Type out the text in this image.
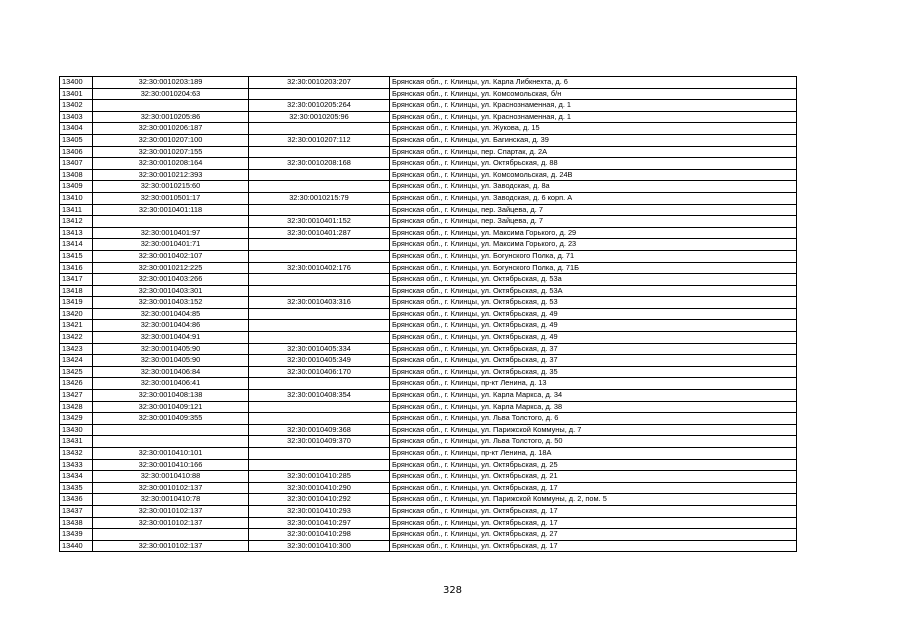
13400	32:30:0010203:189	32:30:0010203:207	Брянская обл., г. Клинцы, ул. Карла Либкнехта, д. 6
13401	32:30:0010204:63		Брянская обл., г. Клинцы, ул. Комсомольская, б/н
13402		32:30:0010205:264	Брянская обл., г. Клинцы, ул. Краснознаменная, д. 1
13403	32:30:0010205:86	32:30:0010205:96	Брянская обл., г. Клинцы, ул. Краснознаменная, д. 1
13404	32:30:0010206:187		Брянская обл., г. Клинцы, ул. Жукова, д. 15
13405	32:30:0010207:100	32:30:0010207:112	Брянская обл., г. Клинцы, ул. Багинская, д. 39
13406	32:30:0010207:155		Брянская обл., г. Клинцы, пер. Спартак, д. 2А
13407	32:30:0010208:164	32:30:0010208:168	Брянская обл., г. Клинцы, ул. Октябрьская, д. 88
13408	32:30:0010212:393		Брянская обл., г. Клинцы, ул. Комсомольская, д. 24В
13409	32:30:0010215:60		Брянская обл., г. Клинцы, ул. Заводская, д. 8а
13410	32:30:0010501:17	32:30:0010215:79	Брянская обл., г. Клинцы, ул. Заводская, д. 6 корп. А
13411	32:30:0010401:118		Брянская обл., г. Клинцы, пер. Зайцева, д. 7
13412		32:30:0010401:152	Брянская обл., г. Клинцы, пер. Зайцева, д. 7
13413	32:30:0010401:97	32:30:0010401:287	Брянская обл., г. Клинцы, ул. Максима Горького, д. 29
13414	32:30:0010401:71		Брянская обл., г. Клинцы, ул. Максима Горького, д. 23
13415	32:30:0010402:107		Брянская обл., г. Клинцы, ул. Богунского Полка, д. 71
13416	32:30:0010212:225	32:30:0010402:176	Брянская обл., г. Клинцы, ул. Богунского Полка, д. 71Б
13417	32:30:0010403:266		Брянская обл., г. Клинцы, ул. Октябрьская, д. 53а
13418	32:30:0010403:301		Брянская обл., г. Клинцы, ул. Октябрьская, д. 53А
13419	32:30:0010403:152	32:30:0010403:316	Брянская обл., г. Клинцы, ул. Октябрьская, д. 53
13420	32:30:0010404:85		Брянская обл., г. Клинцы, ул. Октябрьская, д. 49
13421	32:30:0010404:86		Брянская обл., г. Клинцы, ул. Октябрьская, д. 49
13422	32:30:0010404:91		Брянская обл., г. Клинцы, ул. Октябрьская, д. 49
13423	32:30:0010405:90	32:30:0010405:334	Брянская обл., г. Клинцы, ул. Октябрьская, д. 37
13424	32:30:0010405:90	32:30:0010405:349	Брянская обл., г. Клинцы, ул. Октябрьская, д. 37
13425	32:30:0010406:84	32:30:0010406:170	Брянская обл., г. Клинцы, ул. Октябрьская, д. 35
13426	32:30:0010406:41		Брянская обл., г. Клинцы, пр-кт Ленина, д. 13
13427	32:30:0010408:138	32:30:0010408:354	Брянская обл., г. Клинцы, ул. Карла Маркса, д. 34
13428	32:30:0010409:121		Брянская обл., г. Клинцы, ул. Карла Маркса, д. 38
13429	32:30:0010409:355		Брянская обл., г. Клинцы, ул. Льва Толстого, д. 6
13430		32:30:0010409:368	Брянская обл., г. Клинцы, ул. Парижской Коммуны, д. 7
13431		32:30:0010409:370	Брянская обл., г. Клинцы, ул. Льва Толстого, д. 50
13432	32:30:0010410:101		Брянская обл., г. Клинцы, пр-кт Ленина, д. 18А
13433	32:30:0010410:166		Брянская обл., г. Клинцы, ул. Октябрьская, д. 25
13434	32:30:0010410:88	32:30:0010410:285	Брянская обл., г. Клинцы, ул. Октябрьская, д. 21
13435	32:30:0010102:137	32:30:0010410:290	Брянская обл., г. Клинцы, ул. Октябрьская, д. 17
13436	32:30:0010410:78	32:30:0010410:292	Брянская обл., г. Клинцы, ул. Парижской Коммуны, д. 2, пом. 5
13437	32:30:0010102:137	32:30:0010410:293	Брянская обл., г. Клинцы, ул. Октябрьская, д. 17
13438	32:30:0010102:137	32:30:0010410:297	Брянская обл., г. Клинцы, ул. Октябрьская, д. 17
13439		32:30:0010410:298	Брянская обл., г. Клинцы, ул. Октябрьская, д. 27
13440	32:30:0010102:137	32:30:0010410:300	Брянская обл., г. Клинцы, ул. Октябрьская, д. 17
328
